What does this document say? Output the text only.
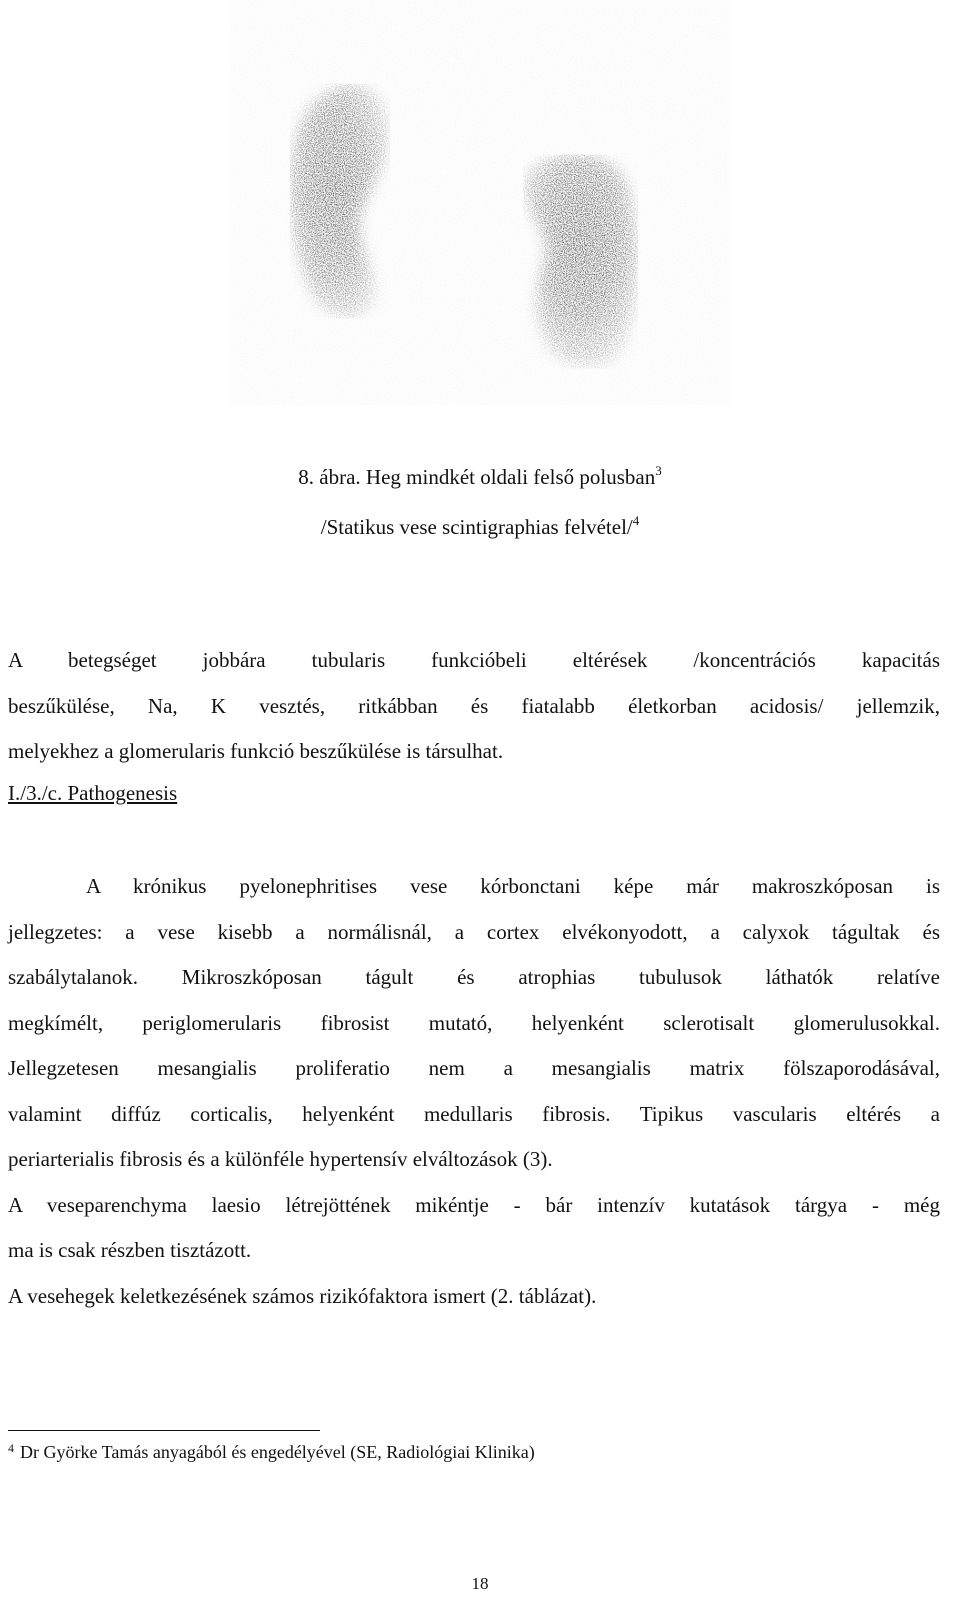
8. ábra. Heg mindkét oldali felső polusban$^3$
/Statikus vese scintigraphias felvétel/$^4$
A betegséget jobbára tubularis funkcióbeli eltérések /koncentrációs kapacitás
beszűkülése, Na, K vesztés, ritkábban és fiatalabb életkorban acidosis/ jellemzik,
melyekhez a glomerularis funkció beszűkülése is társulhat.
I./3./c. Pathogenesis
A krónikus pyelonephritises vese kórbonctani képe már makroszkóposan is
jellegzetes: a vese kisebb a normálisnál, a cortex elvékonyodott, a calyxok tágultak és
szabálytalanok. Mikroszkóposan tágult és atrophias tubulusok láthatók relatíve
megkímélt, periglomerularis fibrosist mutató, helyenként sclerotisalt glomerulusokkal.
Jellegzetesen mesangialis proliferatio nem a mesangialis matrix fölszaporodásával,
valamint diffúz corticalis, helyenként medullaris fibrosis. Tipikus vascularis eltérés a
periarterialis fibrosis és a különféle hypertensív elváltozások (3).
A veseparenchyma laesio létrejöttének mikéntje - bár intenzív kutatások tárgya - még
ma is csak részben tisztázott.
A vesehegek keletkezésének számos rizikófaktora ismert (2. táblázat).
$^4$ Dr Györke Tamás anyagából és engedélyével (SE, Radiológiai Klinika)
18
